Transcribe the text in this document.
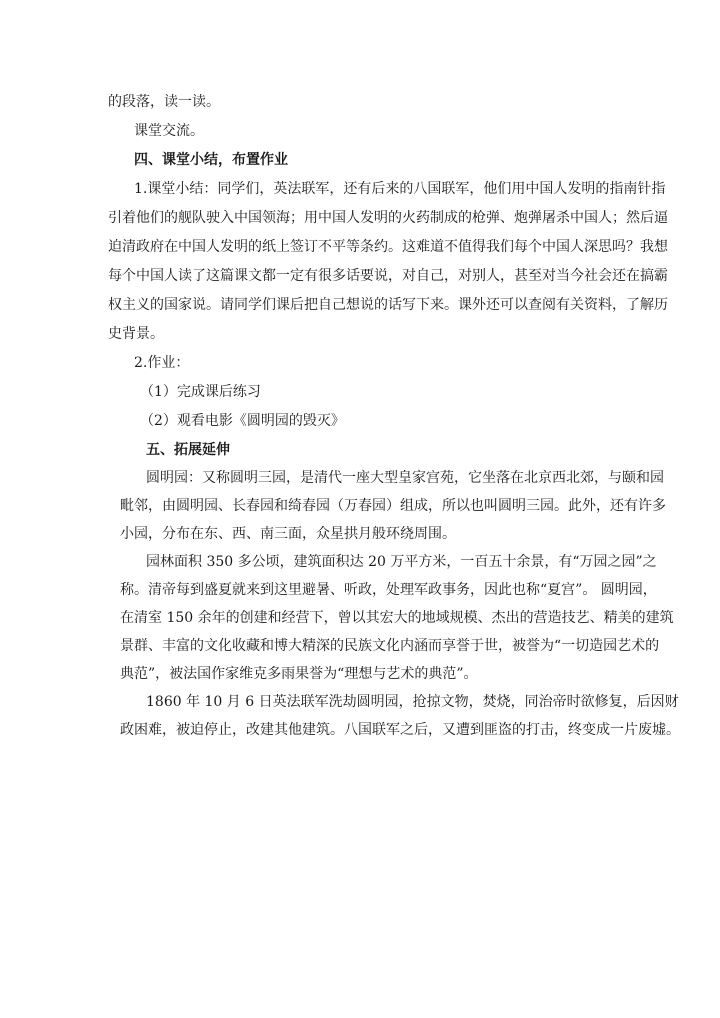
的段落，读一读。
课堂交流。
四、课堂小结，布置作业
1.课堂小结：同学们，英法联军，还有后来的八国联军，他们用中国人发明的指南针指
引着他们的舰队驶入中国领海；用中国人发明的火药制成的枪弹、炮弹屠杀中国人；然后逼
迫清政府在中国人发明的纸上签订不平等条约。这难道不值得我们每个中国人深思吗？我想
每个中国人读了这篇课文都一定有很多话要说，对自己，对别人，甚至对当今社会还在搞霸
权主义的国家说。请同学们课后把自己想说的话写下来。课外还可以查阅有关资料，了解历
史背景。
2.作业：
（1）完成课后练习
（2）观看电影《圆明园的毁灭》
五、拓展延伸
圆明园：又称圆明三园，是清代一座大型皇家宫苑，它坐落在北京西北郊，与颐和园
毗邻，由圆明园、长春园和绮春园（万春园）组成，所以也叫圆明三园。此外，还有许多
小园，分布在东、西、南三面，众星拱月般环绕周围。
园林面积 350 多公顷，建筑面积达 20 万平方米，一百五十余景，有“万园之园”之
称。清帝每到盛夏就来到这里避暑、听政，处理军政事务，因此也称“夏宫”。 圆明园，
在清室 150 余年的创建和经营下，曾以其宏大的地域规模、杰出的营造技艺、精美的建筑
景群、丰富的文化收藏和博大精深的民族文化内涵而享誉于世，被誉为“一切造园艺术的
典范”，被法国作家维克多雨果誉为“理想与艺术的典范”。
1860 年 10 月 6 日英法联军洗劫圆明园，抢掠文物，焚烧，同治帝时欲修复，后因财
政困难，被迫停止，改建其他建筑。八国联军之后，又遭到匪盗的打击，终变成一片废墟。
